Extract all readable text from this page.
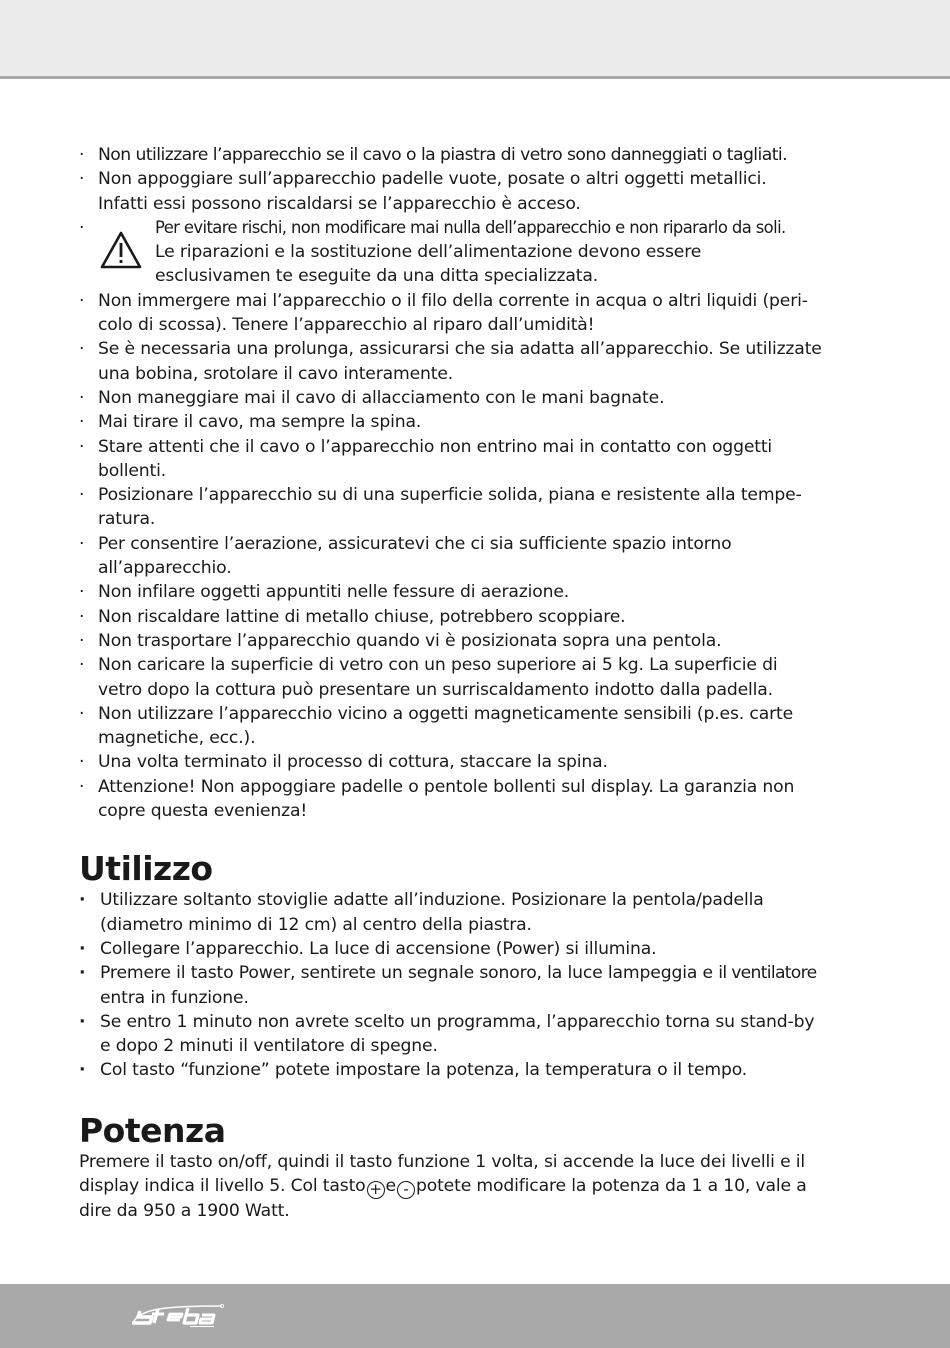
· Non utilizzare l’apparecchio se il cavo o la piastra di vetro sono danneggiati o tagliati.
· Non appoggiare sull’apparecchio padelle vuote, posate o altri oggetti metallici.
Infatti essi possono riscaldarsi se l’apparecchio è acceso.
·	Per evitare rischi, non modificare mai nulla dell’apparecchio e non ripararlo da soli.
Le riparazioni e la sostituzione dell’alimentazione devono essere
esclusivamen te eseguite da una ditta specializzata.
· Non immergere mai l’apparecchio o il filo della corrente in acqua o altri liquidi (peri-
colo di scossa). Tenere l’apparecchio al riparo dall’umidità!
· Se è necessaria una prolunga, assicurarsi che sia adatta all’apparecchio. Se utilizzate
una bobina, srotolare il cavo interamente.
· Non maneggiare mai il cavo di allacciamento con le mani bagnate.
· Mai tirare il cavo, ma sempre la spina.
· Stare attenti che il cavo o l’apparecchio non entrino mai in contatto con oggetti
bollenti.
· Posizionare l’apparecchio su di una superficie solida, piana e resistente alla tempe-
ratura.
· Per consentire l’aerazione, assicuratevi che ci sia sufficiente spazio intorno
all’apparecchio.
· Non infilare oggetti appuntiti nelle fessure di aerazione.
· Non riscaldare lattine di metallo chiuse, potrebbero scoppiare.
· Non trasportare l’apparecchio quando vi è posizionata sopra una pentola.
· Non caricare la superficie di vetro con un peso superiore ai 5 kg. La superficie di
vetro dopo la cottura può presentare un surriscaldamento indotto dalla padella.
· Non utilizzare l’apparecchio vicino a oggetti magneticamente sensibili (p.es. carte
magnetiche, ecc.).
· Una volta terminato il processo di cottura, staccare la spina.
· Attenzione! Non appoggiare padelle o pentole bollenti sul display. La garanzia non
copre questa evenienza!
Utilizzo
· Utilizzare soltanto stoviglie adatte all’induzione. Posizionare la pentola/padella
(diametro minimo di 12 cm) al centro della piastra.
· Collegare l’apparecchio. La luce di accensione (Power) si illumina.
· Premere il tasto Power, sentirete un segnale sonoro, la luce lampeggia e il ventilatore
entra in funzione.
· Se entro 1 minuto non avrete scelto un programma, l’apparecchio torna su stand-by
e dopo 2 minuti il ventilatore di spegne.
· Col tasto “funzione” potete impostare la potenza, la temperatura o il tempo.
Potenza

Premere il tasto on/off, quindi il tasto funzione 1 volta, si accende la luce dei livelli e il
display indica il livello 5. Col tasto + e - potete modificare la potenza da 1 a 10, vale a
dire da 950 a 1900 Watt.
